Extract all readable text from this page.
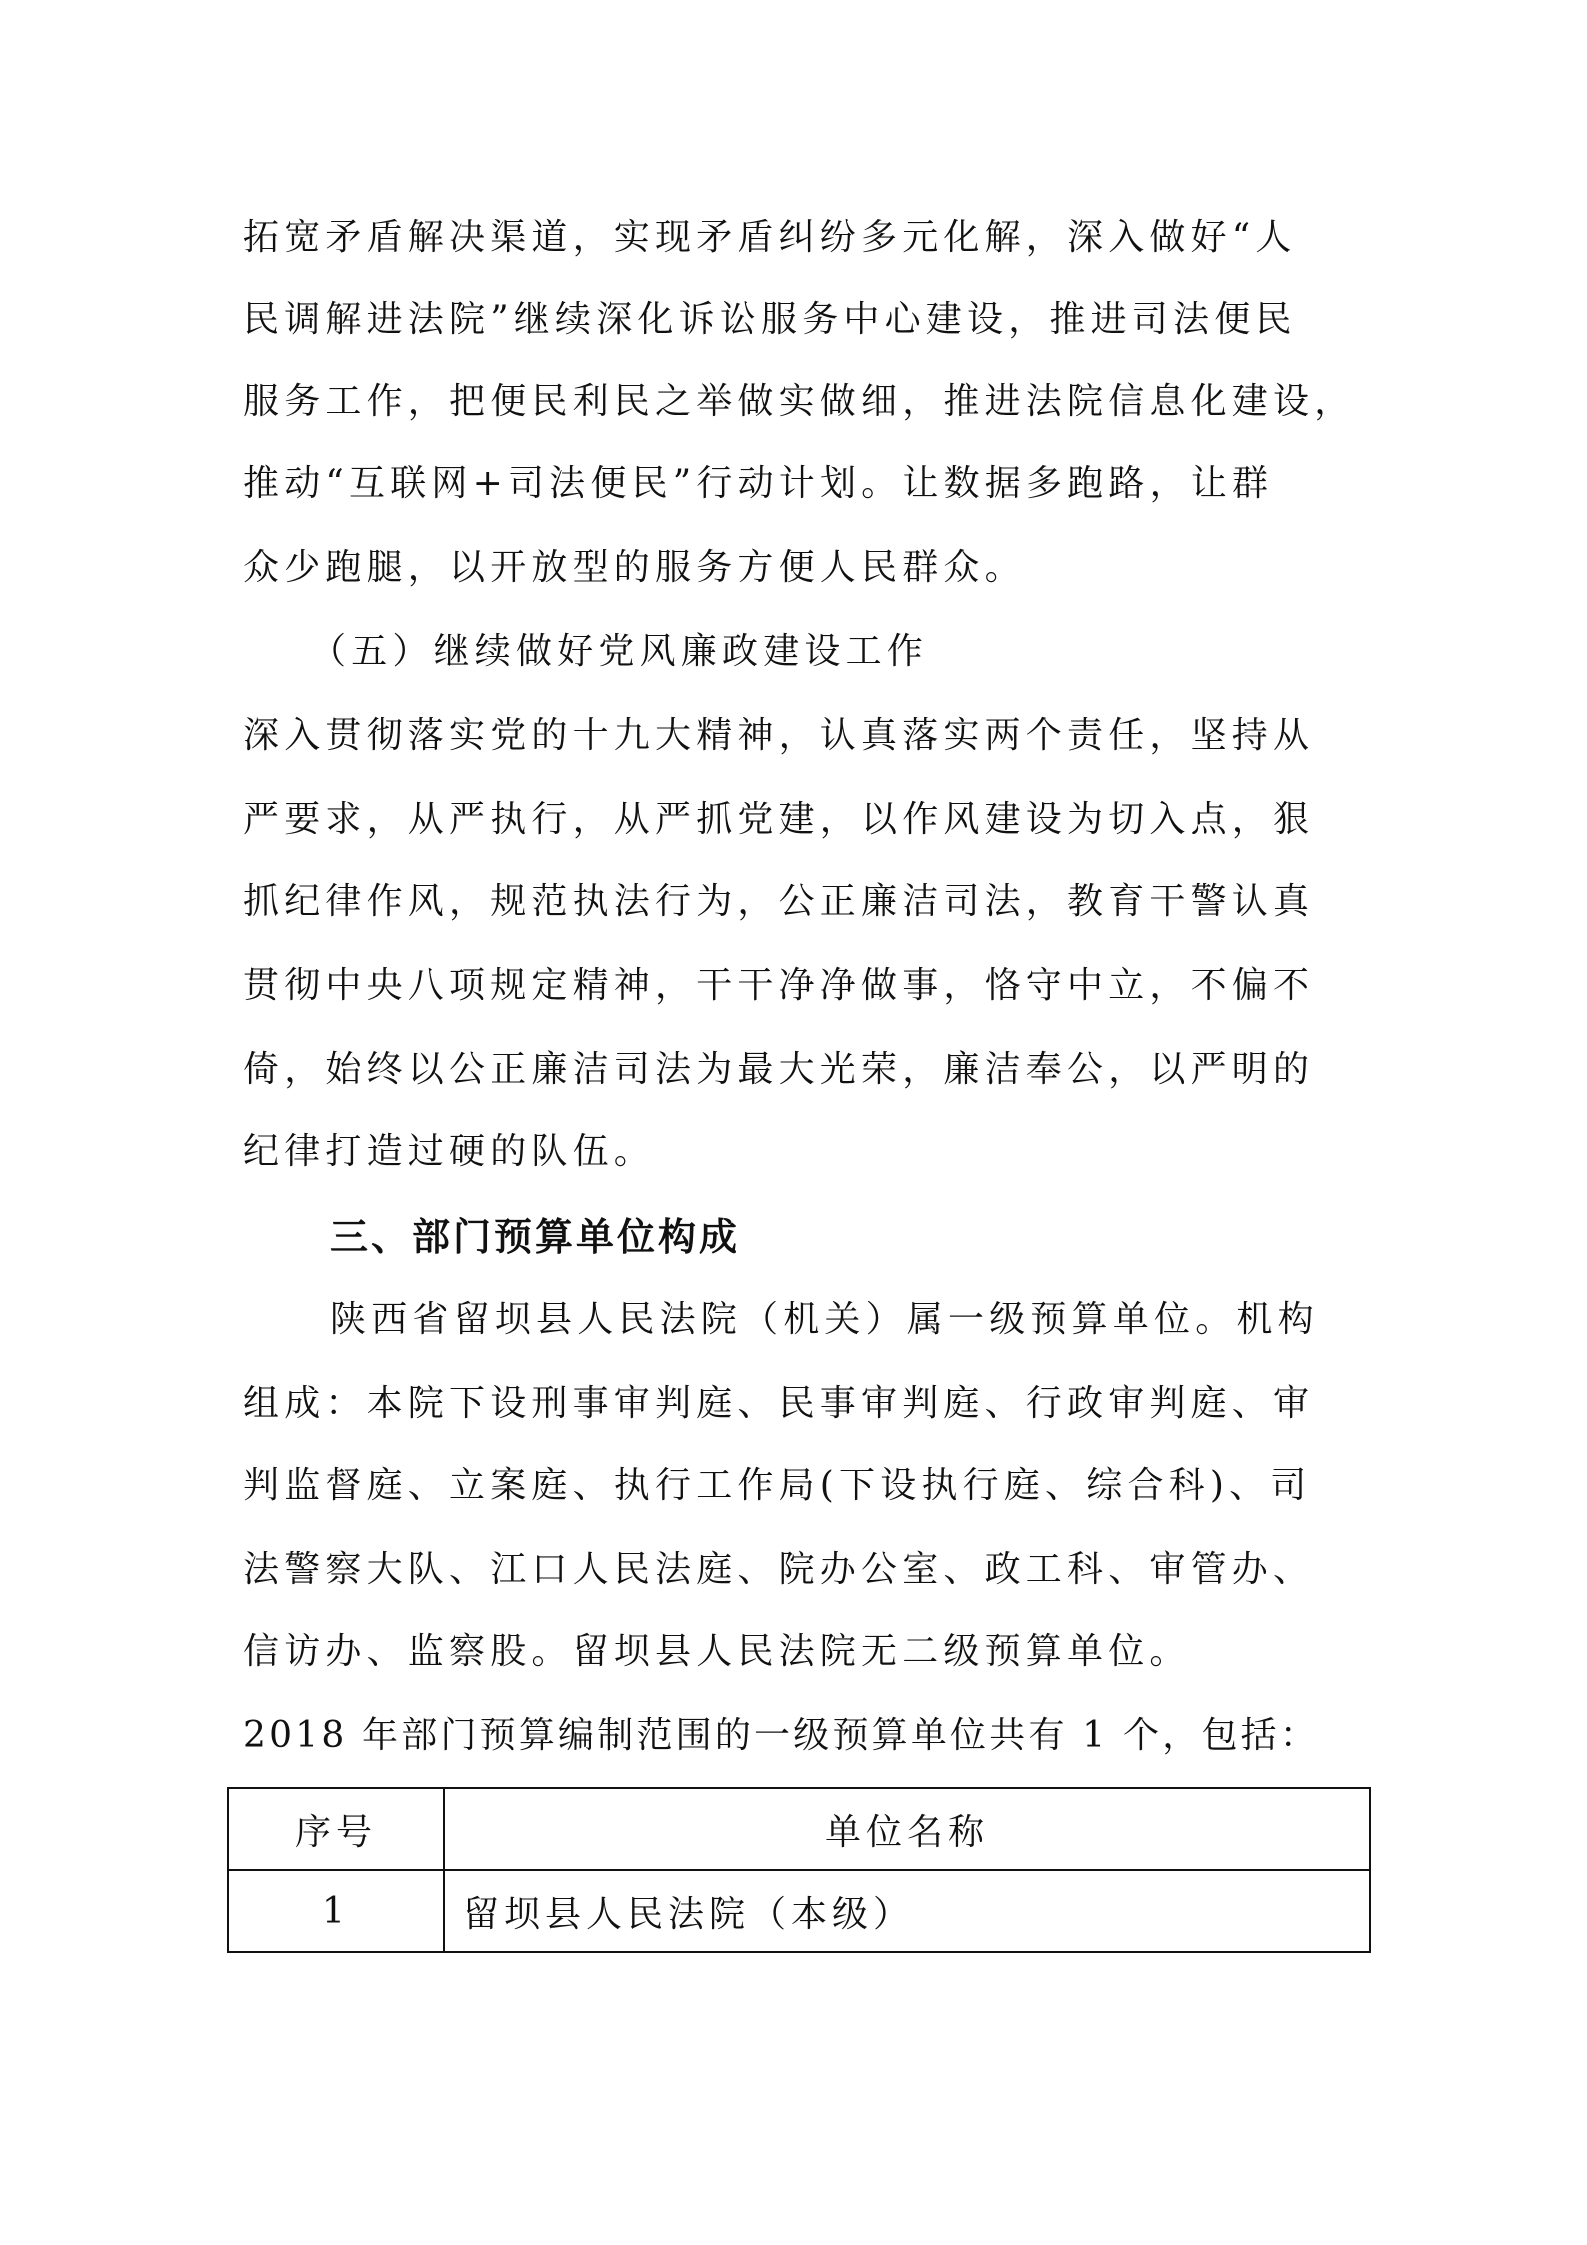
拓宽矛盾解决渠道，实现矛盾纠纷多元化解，深入做好“人
民调解进法院”继续深化诉讼服务中心建设，推进司法便民
服务工作，把便民利民之举做实做细，推进法院信息化建设，
推动“互联网+司法便民”行动计划。让数据多跑路，让群
众少跑腿，以开放型的服务方便人民群众。
（五）继续做好党风廉政建设工作
深入贯彻落实党的十九大精神，认真落实两个责任，坚持从
严要求，从严执行，从严抓党建，以作风建设为切入点，狠
抓纪律作风，规范执法行为，公正廉洁司法，教育干警认真
贯彻中央八项规定精神，干干净净做事，恪守中立，不偏不
倚，始终以公正廉洁司法为最大光荣，廉洁奉公，以严明的
纪律打造过硬的队伍。
三、部门预算单位构成
陕西省留坝县人民法院（机关）属一级预算单位。机构
组成：本院下设刑事审判庭、民事审判庭、行政审判庭、审
判监督庭、立案庭、执行工作局(下设执行庭、综合科)、司
法警察大队、江口人民法庭、院办公室、政工科、审管办、
信访办、监察股。留坝县人民法院无二级预算单位。
2018 年部门预算编制范围的一级预算单位共有 1 个，包括：
序号	单位名称
1	留坝县人民法院（本级）
